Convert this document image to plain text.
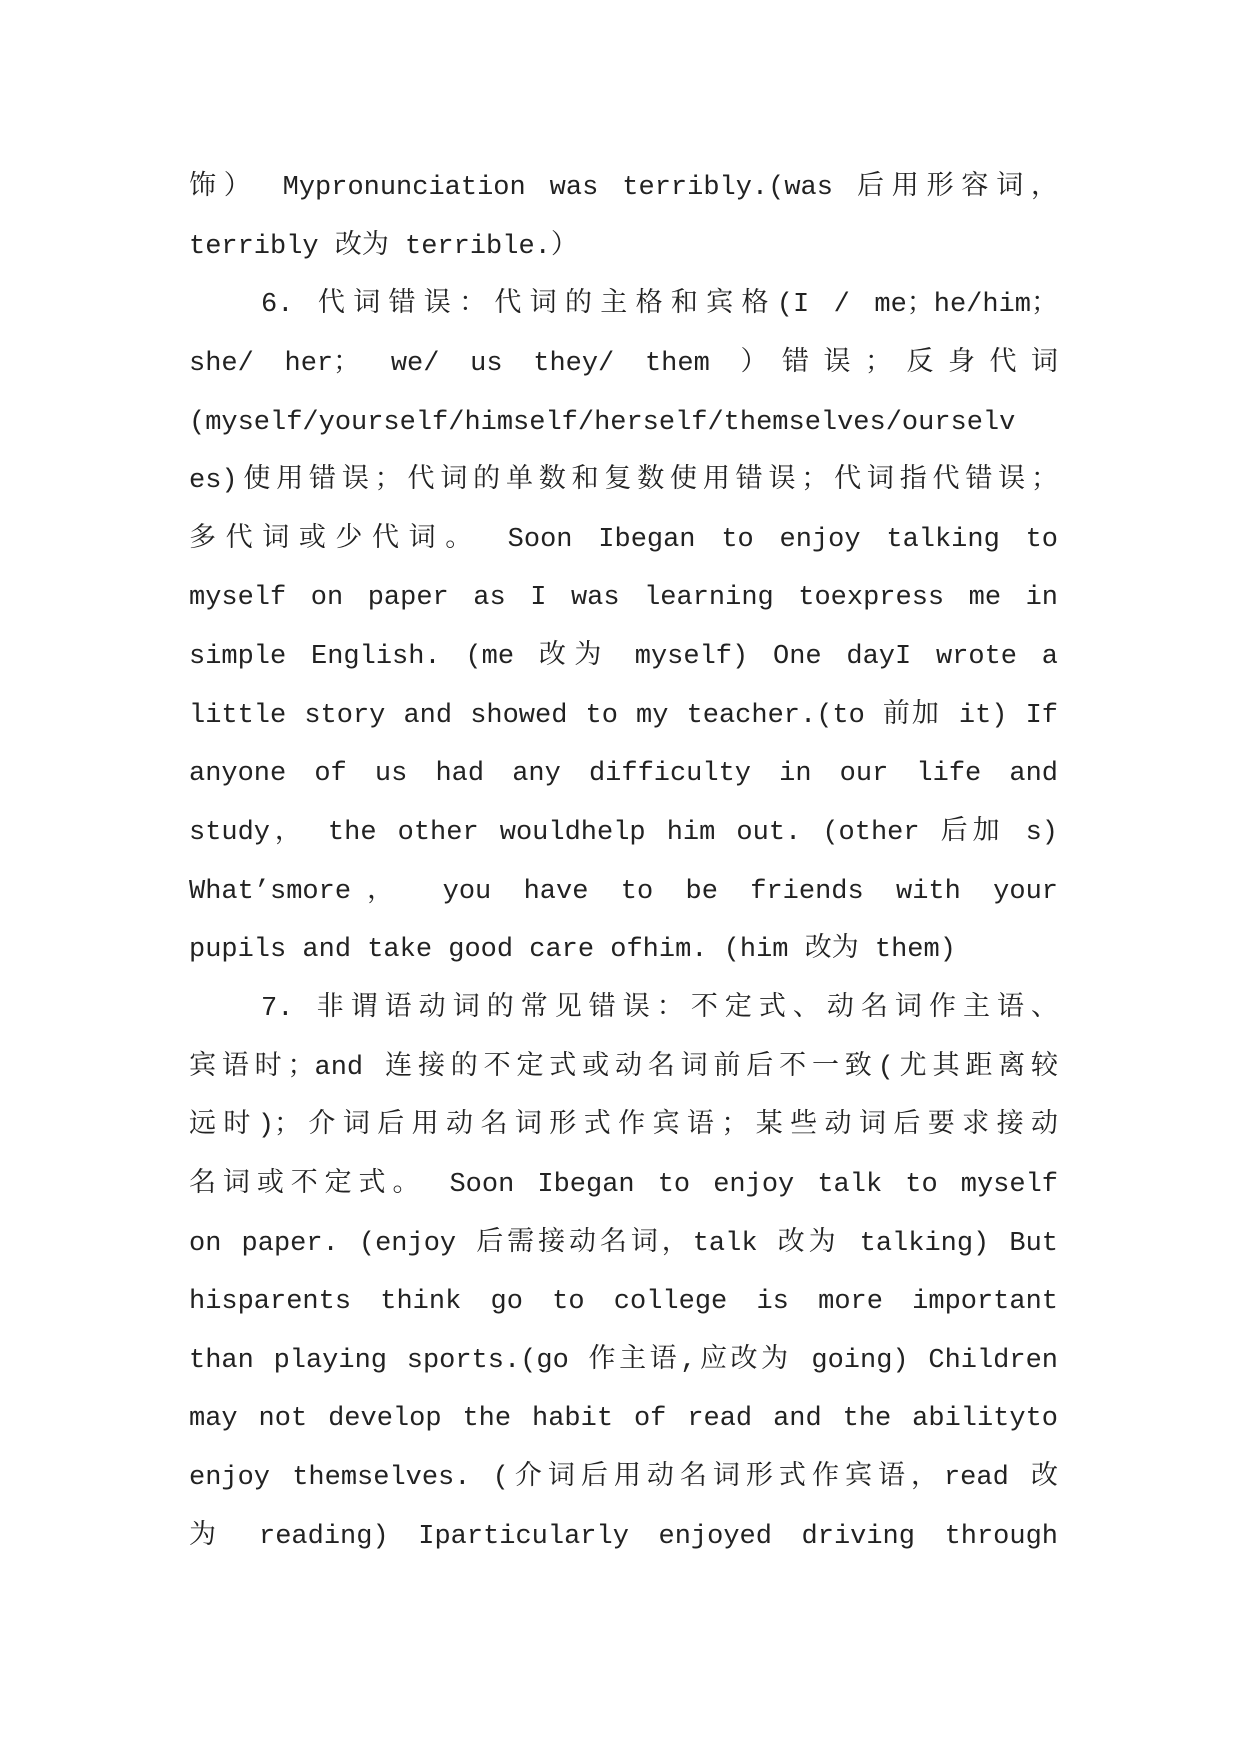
饰） Mypronunciation was terribly.(was 后用形容词，
terribly 改为 terrible.）
6. 代词错误：代词的主格和宾格(I / me；he/him；
she/ her； we/ us they/ them ）错误；反身代词
(myself/yourself/himself/herself/themselves/ourselv
es)使用错误；代词的单数和复数使用错误；代词指代错误；
多代词或少代词。 Soon Ibegan to enjoy talking to
myself on paper as I was learning toexpress me in
simple English. (me 改为 myself) One dayI wrote a
little story and showed to my teacher.(to 前加 it) If
anyone of us had any difficulty in our life and
study， the other wouldhelp him out. (other 后加 s)
What’smore， you have to be friends with your
pupils and take good care ofhim. (him 改为 them)
7. 非谓语动词的常见错误：不定式、动名词作主语、
宾语时；and 连接的不定式或动名词前后不一致(尤其距离较
远时)；介词后用动名词形式作宾语；某些动词后要求接动
名词或不定式。 Soon Ibegan to enjoy talk to myself
on paper. (enjoy 后需接动名词，talk 改为 talking) But
hisparents think go to college is more important
than playing sports.(go 作主语,应改为 going) Children
may not develop the habit of read and the abilityto
enjoy themselves. (介词后用动名词形式作宾语，read 改
为 reading) Iparticularly enjoyed driving through
